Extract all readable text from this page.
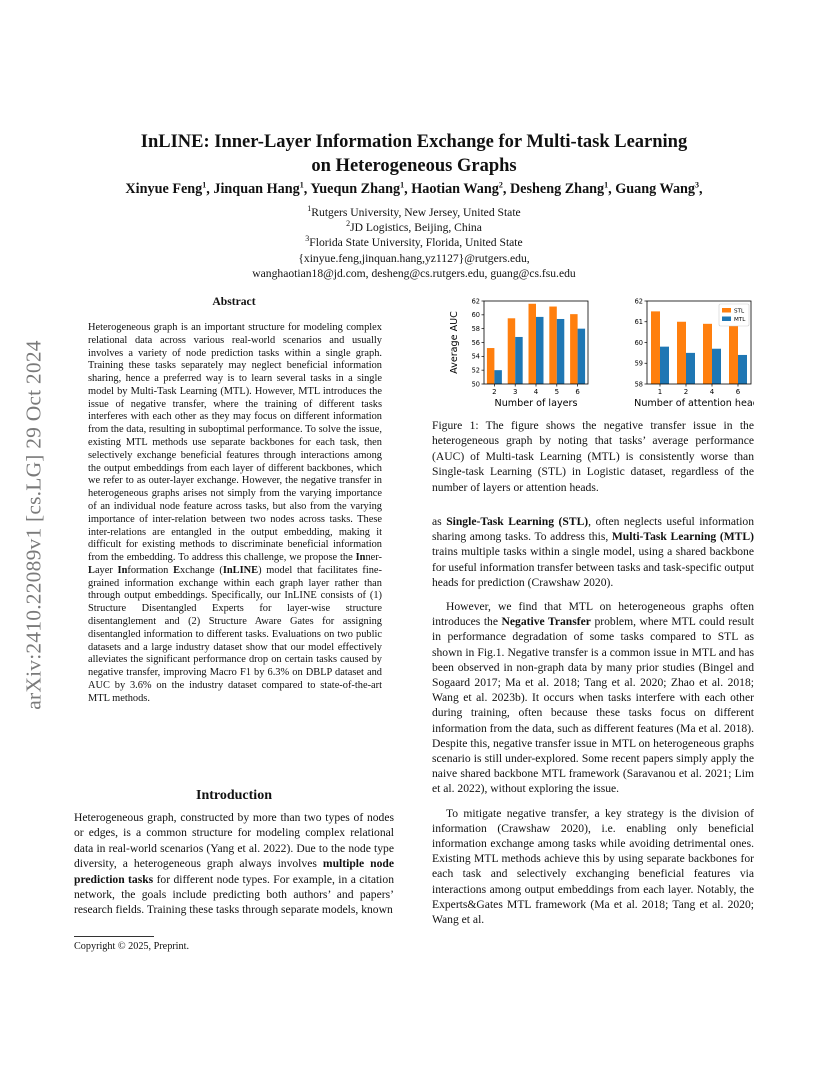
arXiv:2410.22089v1 [cs.LG] 29 Oct 2024
InLINE: Inner-Layer Information Exchange for Multi-task Learning
on Heterogeneous Graphs
Xinyue Feng$^1$, Jinquan Hang$^1$, Yuequn Zhang$^1$, Haotian Wang$^2$, Desheng Zhang$^1$, Guang Wang$^3$,
$^1$Rutgers University, New Jersey, United State
$^2$JD Logistics, Beijing, China
$^3$Florida State University, Florida, United State
{xinyue.feng,jinquan.hang,yz1127}@rutgers.edu,
wanghaotian18@jd.com, desheng@cs.rutgers.edu, guang@cs.fsu.edu
Abstract

Heterogeneous graph is an important structure for modeling complex relational data across various real-world scenarios and usually involves a variety of node prediction tasks within a single graph. Training these tasks separately may neglect beneficial information sharing, hence a preferred way is to learn several tasks in a single model by Multi-Task Learning (MTL). However, MTL introduces the issue of negative transfer, where the training of different tasks interferes with each other as they may focus on different information from the data, resulting in suboptimal performance. To solve the issue, existing MTL methods use separate backbones for each task, then selectively exchange beneficial features through interactions among the output embeddings from each layer of different backbones, which we refer to as outer-layer exchange. However, the negative transfer in heterogeneous graphs arises not simply from the varying importance of an individual node feature across tasks, but also from the varying importance of inter-relation between two nodes across tasks. These inter-relations are entangled in the output embedding, making it difficult for existing methods to discriminate beneficial information from the embedding. To address this challenge, we propose the Inner-Layer Information Exchange (InLINE) model that facilitates fine-grained information exchange within each graph layer rather than through output embeddings. Specifically, our InLINE consists of (1) Structure Disentangled Experts for layer-wise structure disentanglement and (2) Structure Aware Gates for assigning disentangled information to different tasks. Evaluations on two public datasets and a large industry dataset show that our model effectively alleviates the significant performance drop on certain tasks caused by negative transfer, improving Macro F1 by 6.3% on DBLP dataset and AUC by 3.6% on the industry dataset compared to state-of-the-art MTL methods.

Introduction

Heterogeneous graph, constructed by more than two types of nodes or edges, is a common structure for modeling complex relational data in real-world scenarios (Yang et al. 2022). Due to the node type diversity, a heterogeneous graph always involves multiple node prediction tasks for different node types. For example, in a citation network, the goals include predicting both authors’ and papers’ research fields. Training these tasks through separate models, known

Copyright © 2025, Preprint.
2 3 4 5 6
50
52
54
56
58
60
62
Number of layers
Average AUC
1	2	4	6
58
59
60
61
62
Number of attention heads
STL
MTL

Figure 1: The figure shows the negative transfer issue in the heterogeneous graph by noting that tasks’ average performance (AUC) of Multi-task Learning (MTL) is consistently worse than Single-task Learning (STL) in Logistic dataset, regardless of the number of layers or attention heads.

as Single-Task Learning (STL), often neglects useful information sharing among tasks. To address this, Multi-Task Learning (MTL) trains multiple tasks within a single model, using a shared backbone for useful information transfer between tasks and task-specific output heads for prediction (Crawshaw 2020).

However, we find that MTL on heterogeneous graphs often introduces the Negative Transfer problem, where MTL could result in performance degradation of some tasks compared to STL as shown in Fig.1. Negative transfer is a common issue in MTL and has been observed in non-graph data by many prior studies (Bingel and Sogaard 2017; Ma et al. 2018; Tang et al. 2020; Zhao et al. 2018; Wang et al. 2023b). It occurs when tasks interfere with each other during training, often because these tasks focus on different information from the data, such as different features (Ma et al. 2018). Despite this, negative transfer issue in MTL on heterogeneous graphs scenario is still under-explored. Some recent papers simply apply the naive shared backbone MTL framework (Saravanou et al. 2021; Lim et al. 2022), without exploring the issue.

To mitigate negative transfer, a key strategy is the division of information (Crawshaw 2020), i.e. enabling only beneficial information exchange among tasks while avoiding detrimental ones. Existing MTL methods achieve this by using separate backbones for each task and selectively exchanging beneficial features via interactions among output embeddings from each layer. Notably, the Experts&Gates MTL framework (Ma et al. 2018; Tang et al. 2020; Wang et al.
